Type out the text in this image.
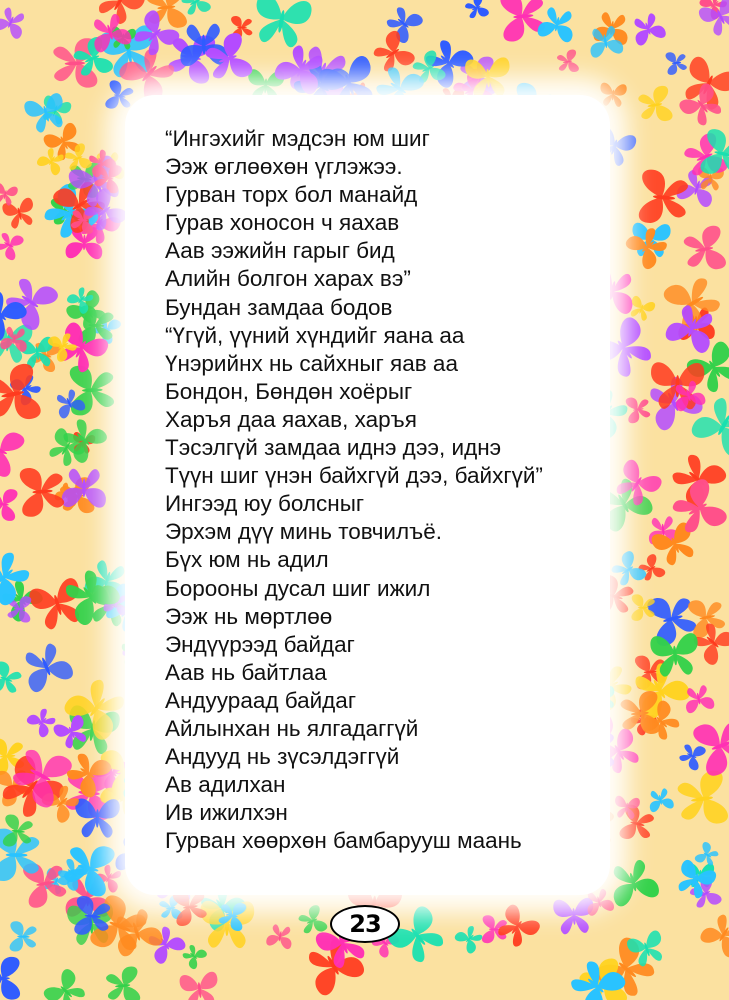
“Ингэхийг мэдсэн юм шиг
Ээж өглөөхөн үглэжээ.
Гурван торх бол манайд
Гурав хоносон ч яахав
Аав ээжийн гарыг бид
Алийн болгон харах вэ”
Бундан замдаа бодов
“Үгүй, үүний хүндийг яана аа
Үнэрийнх нь сайхныг яав аа
Бондон, Бөндөн хоёрыг
Харъя даа яахав, харъя
Тэсэлгүй замдаа иднэ дээ, иднэ
Түүн шиг үнэн байхгүй дээ, байхгүй”
Ингээд юу болсныг
Эрхэм дүү минь товчилъё.
Бүх юм нь адил
Бороoны дусал шиг ижил
Ээж нь мөртлөө
Эндүүрээд байдаг
Аав нь байтлаа
Андуураад байдаг
Айлынхан нь ялгадаггүй
Андууд нь зүсэлдэггүй
Ав адилхан
Ив ижилхэн
Гурван хөөрхөн бамбарууш маань
23
